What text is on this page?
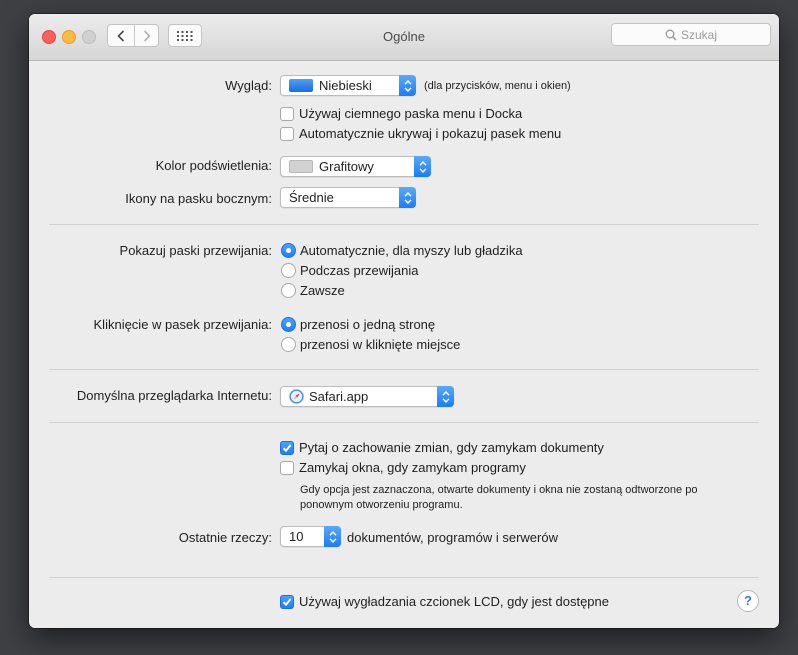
Ogólne	Szukaj
Wygląd:	Niebieski	(dla przycisków, menu i okien)
Używaj ciemnego paska menu i Docka
Automatycznie ukrywaj i pokazuj pasek menu
Kolor podświetlenia:	Grafitowy
Ikony na pasku bocznym: Średnie
Pokazuj paski przewijania: Automatycznie, dla myszy lub gładzika
Podczas przewijania
Zawsze
Kliknięcie w pasek przewijania: przenosi o jedną stronę
przenosi w kliknięte miejsce
Domyślna przeglądarka Internetu:	Safari.app
Pytaj o zachowanie zmian, gdy zamykam dokumenty
Zamykaj okna, gdy zamykam programy
Gdy opcja jest zaznaczona, otwarte dokumenty i okna nie zostaną odtworzone po ponownym otworzeniu programu.
Ostatnie rzeczy: 10	dokumentów, programów i serwerów
Używaj wygładzania czcionek LCD, gdy jest dostępne	?
